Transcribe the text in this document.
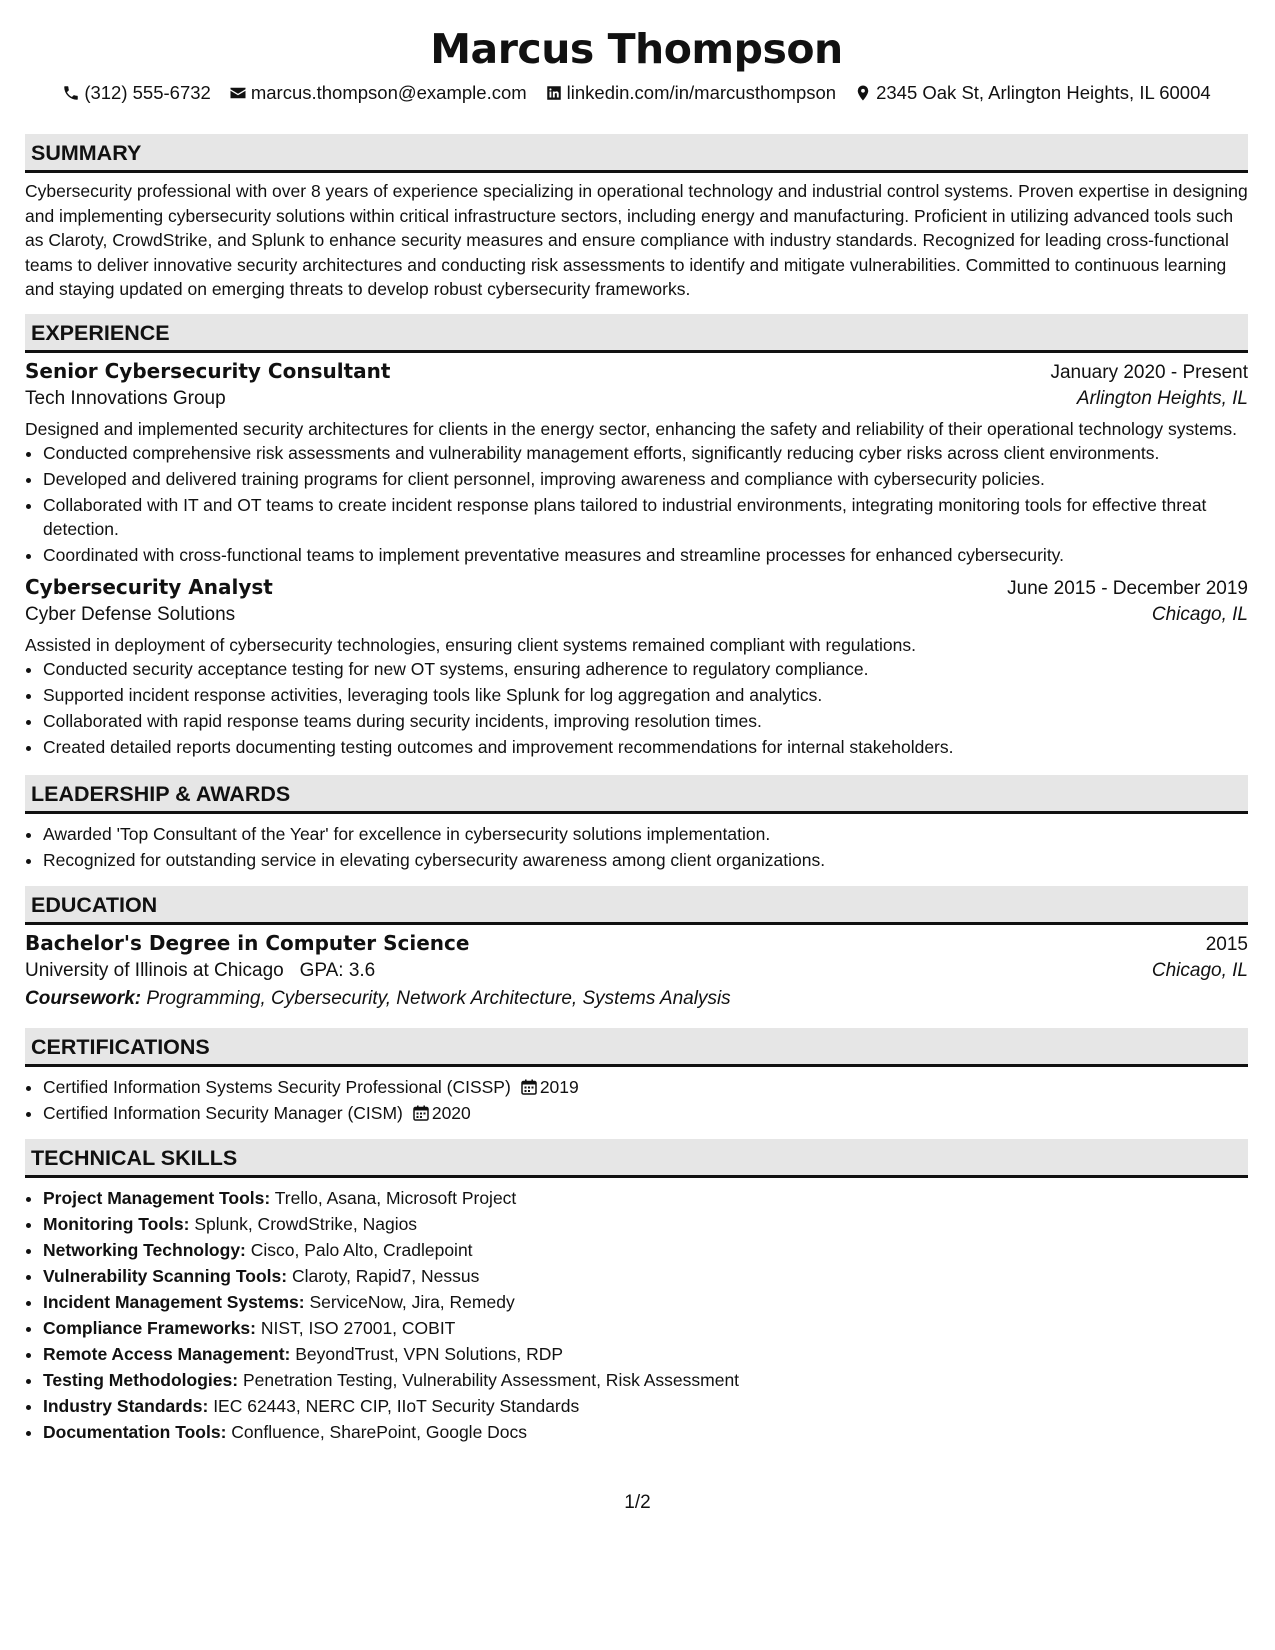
Marcus Thompson
(312) 555-6732 marcus.thompson@example.com linkedin.com/in/marcusthompson 2345 Oak St, Arlington Heights, IL 60004
SUMMARY

Cybersecurity professional with over 8 years of experience specializing in operational technology and industrial control systems. Proven expertise in designing and implementing cybersecurity solutions within critical infrastructure sectors, including energy and manufacturing. Proficient in utilizing advanced tools such as Claroty, CrowdStrike, and Splunk to enhance security measures and ensure compliance with industry standards. Recognized for leading cross-functional teams to deliver innovative security architectures and conducting risk assessments to identify and mitigate vulnerabilities. Committed to continuous learning and staying updated on emerging threats to develop robust cybersecurity frameworks.

EXPERIENCE
Senior Cybersecurity Consultant	January 2020 - Present
Tech Innovations Group	Arlington Heights, IL

Designed and implemented security architectures for clients in the energy sector, enhancing the safety and reliability of their operational technology systems.

• Conducted comprehensive risk assessments and vulnerability management efforts, significantly reducing cyber risks across client environments.
• Developed and delivered training programs for client personnel, improving awareness and compliance with cybersecurity policies.
• Collaborated with IT and OT teams to create incident response plans tailored to industrial environments, integrating monitoring tools for effective threat detection.
• Coordinated with cross-functional teams to implement preventative measures and streamline processes for enhanced cybersecurity.
Cybersecurity Analyst	June 2015 - December 2019
Cyber Defense Solutions	Chicago, IL

Assisted in deployment of cybersecurity technologies, ensuring client systems remained compliant with regulations.

• Conducted security acceptance testing for new OT systems, ensuring adherence to regulatory compliance.
• Supported incident response activities, leveraging tools like Splunk for log aggregation and analytics.
• Collaborated with rapid response teams during security incidents, improving resolution times.
• Created detailed reports documenting testing outcomes and improvement recommendations for internal stakeholders.
LEADERSHIP & AWARDS
• Awarded 'Top Consultant of the Year' for excellence in cybersecurity solutions implementation.
• Recognized for outstanding service in elevating cybersecurity awareness among client organizations.
EDUCATION
Bachelor's Degree in Computer Science	2015
University of Illinois at Chicago GPA: 3.6	Chicago, IL
Coursework: Programming, Cybersecurity, Network Architecture, Systems Analysis
CERTIFICATIONS
• Certified Information Systems Security Professional (CISSP) 2019
• Certified Information Security Manager (CISM) 2020
TECHNICAL SKILLS
• Project Management Tools: Trello, Asana, Microsoft Project
• Monitoring Tools: Splunk, CrowdStrike, Nagios
• Networking Technology: Cisco, Palo Alto, Cradlepoint
• Vulnerability Scanning Tools: Claroty, Rapid7, Nessus
• Incident Management Systems: ServiceNow, Jira, Remedy
• Compliance Frameworks: NIST, ISO 27001, COBIT
• Remote Access Management: BeyondTrust, VPN Solutions, RDP
• Testing Methodologies: Penetration Testing, Vulnerability Assessment, Risk Assessment
• Industry Standards: IEC 62443, NERC CIP, IIoT Security Standards
• Documentation Tools: Confluence, SharePoint, Google Docs
1/2
